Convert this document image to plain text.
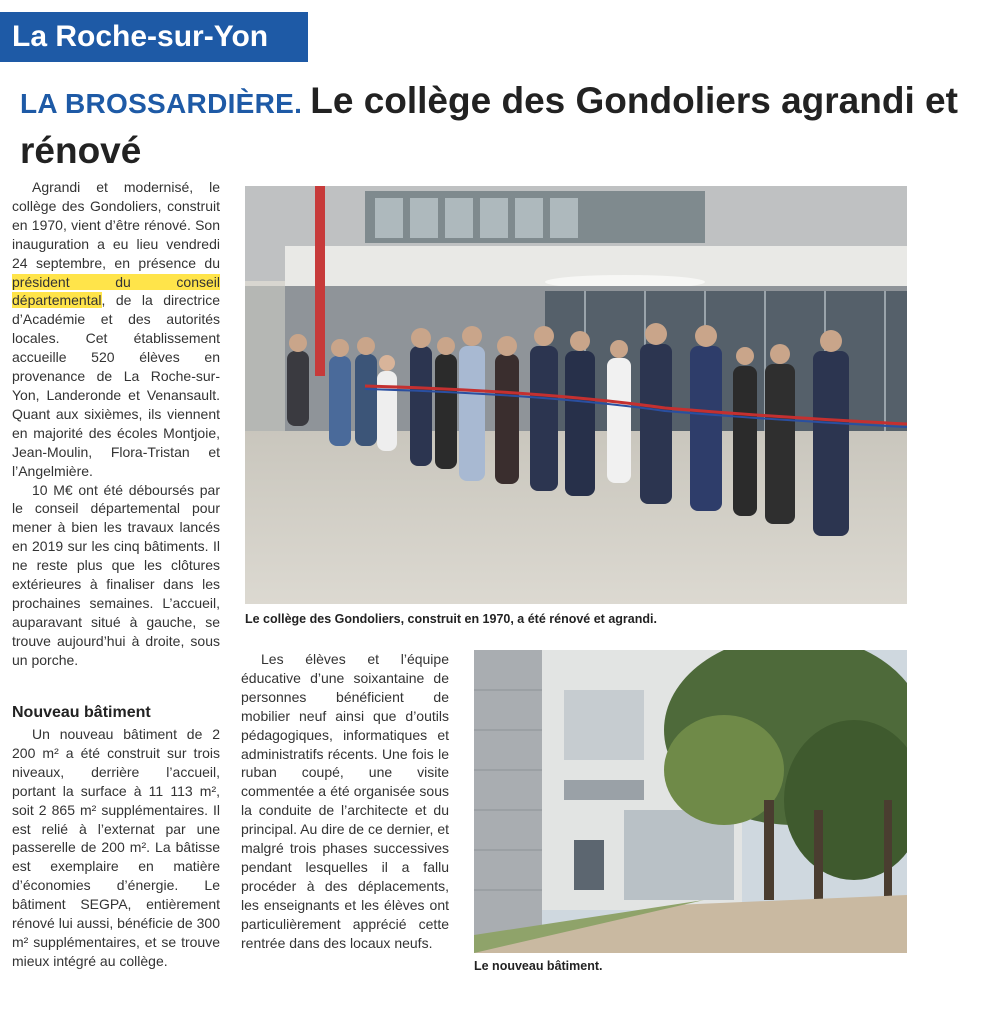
La Roche-sur-Yon
LA BROSSARDIÈRE. Le collège des Gondoliers agrandi et rénové

Agrandi et modernisé, le collège des Gondoliers, construit en 1970, vient d’être rénové. Son inauguration a eu lieu vendredi 24 septembre, en présence du président du conseil départemental, de la directrice d’Académie et des autorités locales. Cet établissement accueille 520 élèves en provenance de La Roche-sur-Yon, Landeronde et Venansault. Quant aux sixièmes, ils viennent en majorité des écoles Montjoie, Jean-Moulin, Flora-Tristan et l’Angelmière.

10 M€ ont été déboursés par le conseil départemental pour mener à bien les travaux lancés en 2019 sur les cinq bâtiments. Il ne reste plus que les clôtures extérieures à finaliser dans les prochaines semaines. L’accueil, auparavant situé à gauche, se trouve aujourd’hui à droite, sous un porche.

Nouveau bâtiment

Un nouveau bâtiment de 2 200 m² a été construit sur trois niveaux, derrière l’accueil, portant la surface à 11 113 m², soit 2 865 m² supplémentaires. Il est relié à l’externat par une passerelle de 200 m². La bâtisse est exemplaire en matière d’économies d’énergie. Le bâtiment SEGPA, entièrement rénové lui aussi, bénéficie de 300 m² supplémentaires, et se trouve mieux intégré au collège.

Le collège des Gondoliers, construit en 1970, a été rénové et agrandi.

Les élèves et l’équipe éducative d’une soixantaine de personnes bénéficient de mobilier neuf ainsi que d’outils pédagogiques, informatiques et administratifs récents. Une fois le ruban coupé, une visite commentée a été organisée sous la conduite de l’architecte et du principal. Au dire de ce dernier, et malgré trois phases successives pendant lesquelles il a fallu procéder à des déplacements, les enseignants et les élèves ont particulièrement apprécié cette rentrée dans des locaux neufs.

Le nouveau bâtiment.
